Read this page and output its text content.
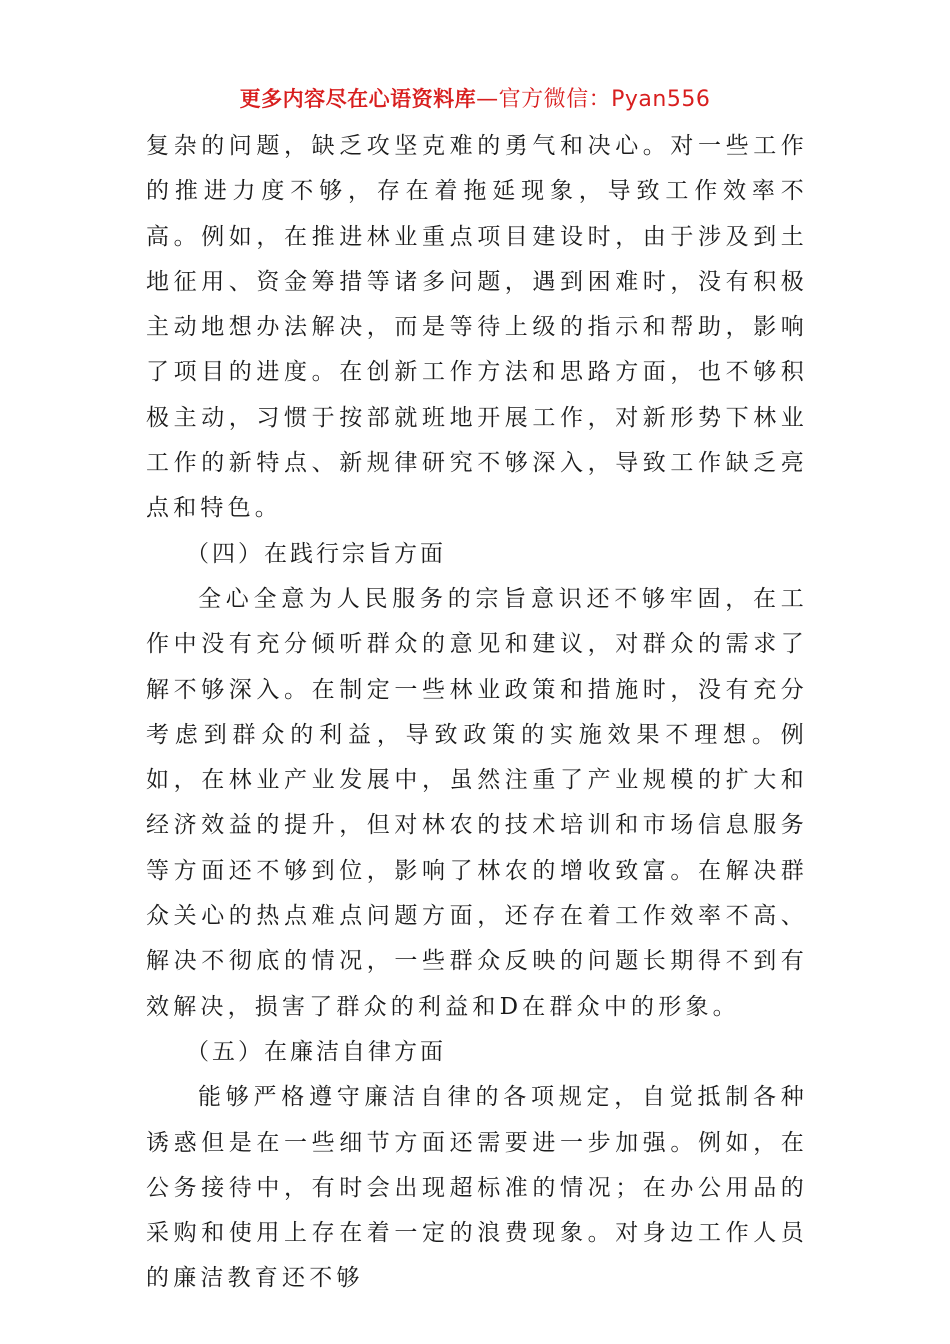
更多内容尽在心语资料库—官方微信：Pyan556

复杂的问题，缺乏攻坚克难的勇气和决心。对一些工作的推进力度不够，存在着拖延现象，导致工作效率不高。例如，在推进林业重点项目建设时，由于涉及到土地征用、资金筹措等诸多问题，遇到困难时，没有积极主动地想办法解决，而是等待上级的指示和帮助，影响了项目的进度。在创新工作方法和思路方面，也不够积极主动，习惯于按部就班地开展工作，对新形势下林业工作的新特点、新规律研究不够深入，导致工作缺乏亮点和特色。

（四）在践行宗旨方面

全心全意为人民服务的宗旨意识还不够牢固，在工作中没有充分倾听群众的意见和建议，对群众的需求了解不够深入。在制定一些林业政策和措施时，没有充分考虑到群众的利益，导致政策的实施效果不理想。例如，在林业产业发展中，虽然注重了产业规模的扩大和经济效益的提升，但对林农的技术培训和市场信息服务等方面还不够到位，影响了林农的增收致富。在解决群众关心的热点难点问题方面，还存在着工作效率不高、解决不彻底的情况，一些群众反映的问题长期得不到有效解决，损害了群众的利益和D在群众中的形象。

（五）在廉洁自律方面

能够严格遵守廉洁自律的各项规定，自觉抵制各种诱惑但是在一些细节方面还需要进一步加强。例如，在公务接待中，有时会出现超标准的情况；在办公用品的采购和使用上存在着一定的浪费现象。对身边工作人员的廉洁教育还不够
